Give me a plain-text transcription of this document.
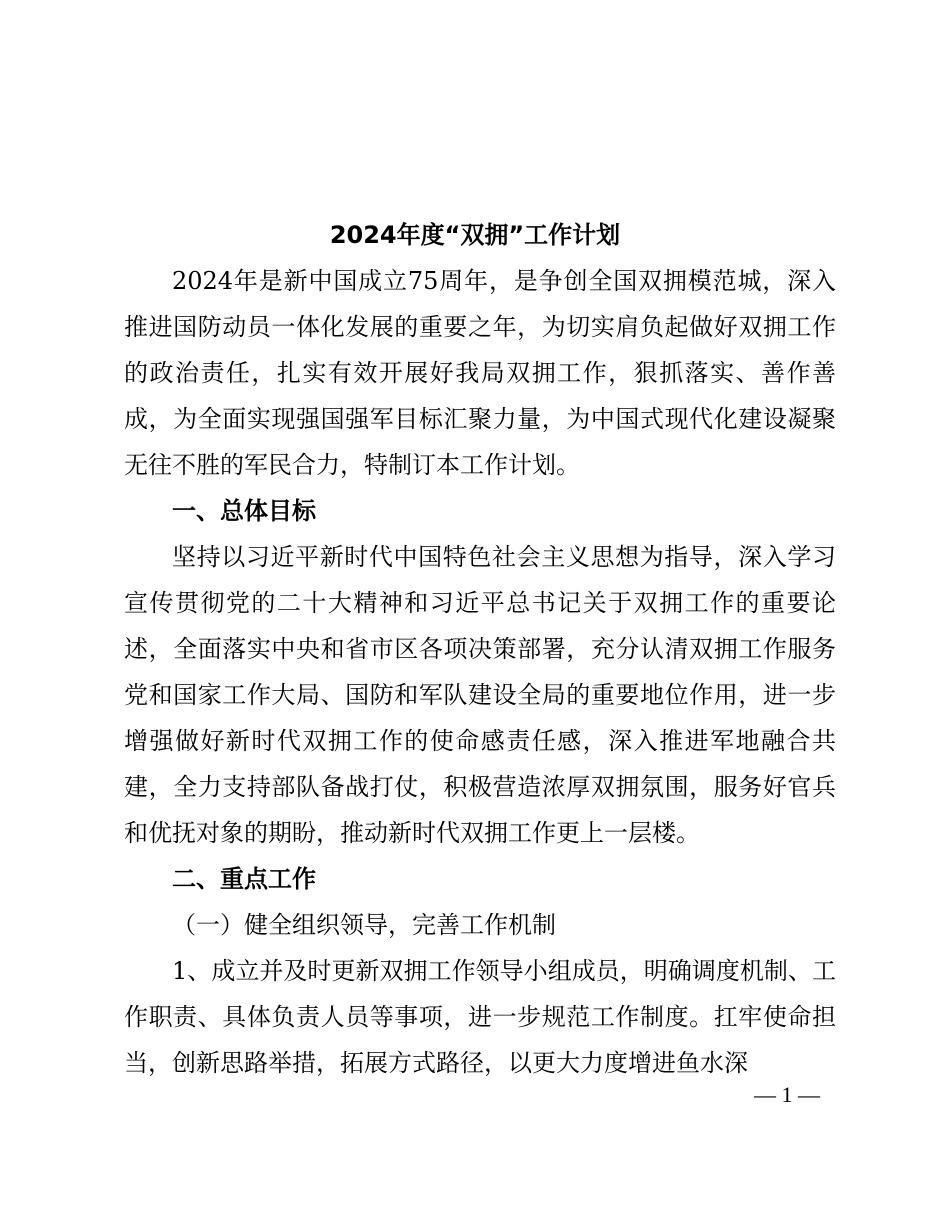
2024年度“双拥”工作计划

2024年是新中国成立75周年，是争创全国双拥模范城，深入推进国防动员一体化发展的重要之年，为切实肩负起做好双拥工作的政治责任，扎实有效开展好我局双拥工作，狠抓落实、善作善成，为全面实现强国强军目标汇聚力量，为中国式现代化建设凝聚无往不胜的军民合力，特制订本工作计划。

一、总体目标

坚持以习近平新时代中国特色社会主义思想为指导，深入学习宣传贯彻党的二十大精神和习近平总书记关于双拥工作的重要论述，全面落实中央和省市区各项决策部署，充分认清双拥工作服务党和国家工作大局、国防和军队建设全局的重要地位作用，进一步增强做好新时代双拥工作的使命感责任感，深入推进军地融合共建，全力支持部队备战打仗，积极营造浓厚双拥氛围，服务好官兵和优抚对象的期盼，推动新时代双拥工作更上一层楼。

二、重点工作

（一）健全组织领导，完善工作机制

1、成立并及时更新双拥工作领导小组成员，明确调度机制、工作职责、具体负责人员等事项，进一步规范工作制度。扛牢使命担当，创新思路举措，拓展方式路径，以更大力度增进鱼水深

— 1 —
